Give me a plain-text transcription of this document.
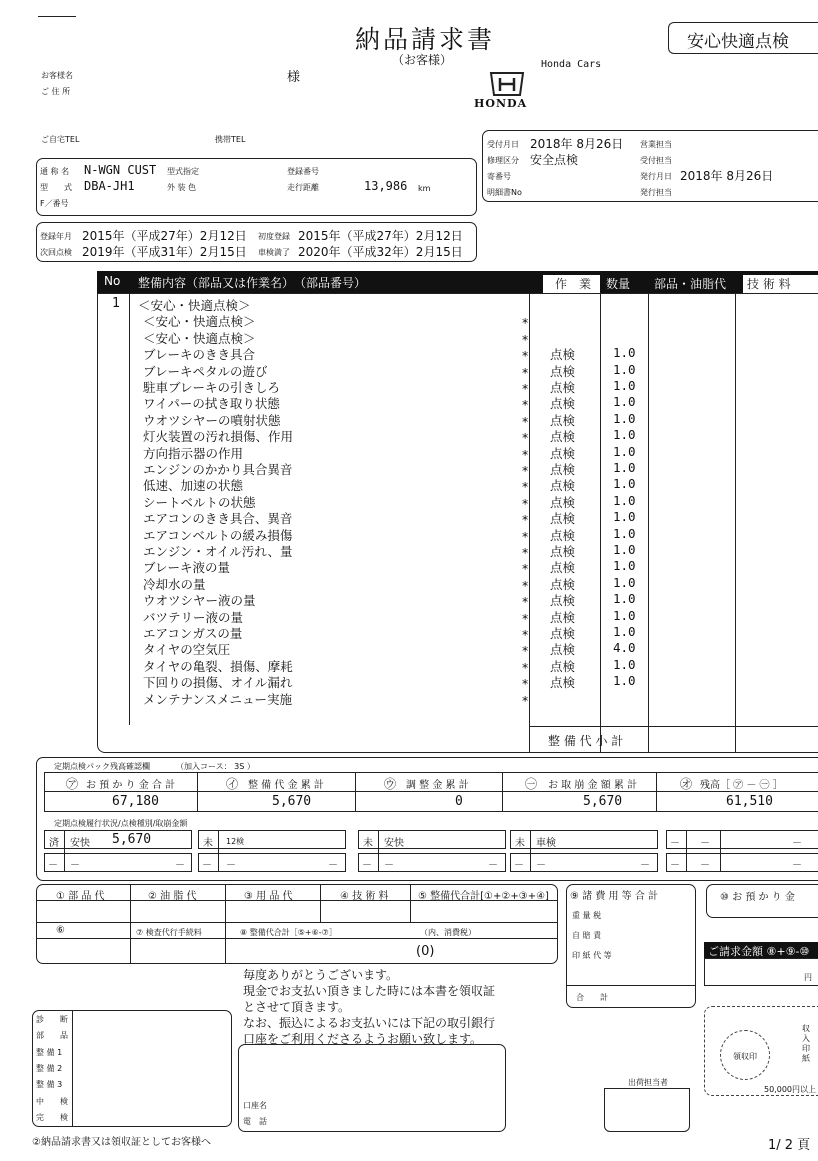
納品請求書
（お客様）
安心快適点検
Honda Cars
HONDA
お客様名	様
ご 住 所
ご自宅TEL	携帯TEL
通 称 名 N-WGN CUST
型　　式 DBA-JH1
F／番号
型式指定
外 装 色
登録番号
走行距離	13,986 km
受付月日 2018年 8月26日
修理区分 安全点検
寄番号
明細書No
営業担当
受付担当
発行月日 2018年 8月26日
発行担当
登録年月 2015年（平成27年）2月12日 初度登録 2015年（平成27年）2月12日
次回点検 2019年（平成31年）2月15日 車検満了 2020年（平成32年）2月15日
No 整備内容（部品又は作業名）　（部品番号）	作　業	数量 部品・油脂代	技 術 料
整 備 代 小 計
1 ＜安心・快適点検＞
＜安心・快適点検＞	*
＜安心・快適点検＞	*
ブレーキのきき具合	* 点検	1.0
ブレーキペタルの遊び	* 点検	1.0
駐車ブレーキの引きしろ	* 点検	1.0
ワイパーの拭き取り状態	* 点検	1.0
ウオツシヤーの噴射状態	* 点検	1.0
灯火装置の汚れ損傷、作用	* 点検	1.0
方向指示器の作用	* 点検	1.0
エンジンのかかり具合異音	* 点検	1.0
低速、加速の状態	* 点検	1.0
シートベルトの状態	* 点検	1.0
エアコンのきき具合、異音	* 点検	1.0
エアコンベルトの緩み損傷	* 点検	1.0
エンジン・オイル汚れ、量	* 点検	1.0
ブレーキ液の量	* 点検	1.0
冷却水の量	* 点検	1.0
ウオツシヤー液の量	* 点検	1.0
バツテリー液の量	* 点検	1.0
エアコンガスの量	* 点検	1.0
タイヤの空気圧	* 点検	4.0
タイヤの亀裂、損傷、摩耗	* 点検	1.0
下回りの損傷、オイル漏れ	* 点検	1.0
メンテナンスメニュー実施	*
定期点検パック残高確認欄	（加入コース： 3S ）
㋐ お 預 か り 金 合 計	㋑ 整 備 代 金 累 計	㋒ 調 整 金 累 計	㊀ お 取 崩 金 額 累 計	㋔ 残高［ ㋐ － ㊀ ］
67,180	5,670	0	5,670	61,510
定期点検履行状況/点検種別/取崩金額
済 安快 5,670
－ －	－
未 12検
－ －	－
未 安快
－ －	－
未 車検
－ －	－
－ －	－
－ －	－
① 部 品 代	② 油 脂 代	③ 用 品 代	④ 技 術 料	⑤ 整備代合計[①+②+③+④]
⑥	⑦ 検査代行手続料	⑧ 整備代合計［⑤+⑥-⑦］	（内、消費税）
(0)
⑨ 諸 費 用 等 合 計
重 量 税
自 賠 責
印 紙 代 等
合　　計
⑩ お 預 か り 金
ご請求金額 ⑧+⑨-⑩
円
毎度ありがとうございます。
現金でお支払い頂きました時には本書を領収証
とさせて頂きます。
なお、振込によるお支払いには下記の取引銀行
口座をご利用くださるようお願い致します。
口座名
電　話
診　　断
部　　品
整 備 1
整 備 2
整 備 3
中　　検
完　　検
出荷担当者
領収印
収 入 印 紙
50,000円以上
②納品請求書又は領収証としてお客様へ	1/ 2 頁
